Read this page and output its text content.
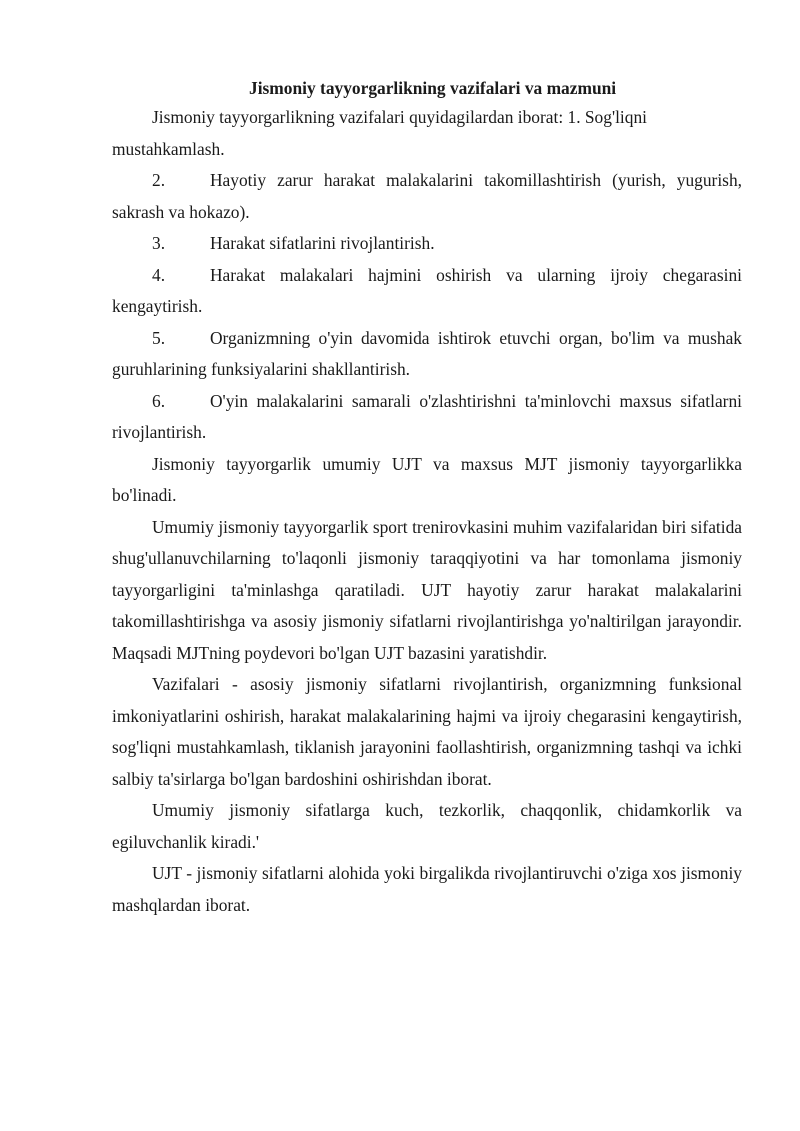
Jismoniy tayyorgarlikning vazifalari va mazmuni

Jismoniy tayyorgarlikning vazifalari quyidagilardan iborat: 1. Sog'liqni mustahkamlash.

2.	Hayotiy zarur harakat malakalarini takomillashtirish (yurish, yugurish, sakrash va hokazo).
3.	Harakat sifatlarini rivojlantirish.
4.	Harakat malakalari hajmini oshirish va ularning ijroiy chegarasini kengaytirish.
5.	Organizmning o'yin davomida ishtirok etuvchi organ, bo'lim va mushak guruhlarining funksiyalarini shakllantirish.
6.	O'yin malakalarini samarali o'zlashtirishni ta'minlovchi maxsus sifatlarni rivojlantirish.

Jismoniy tayyorgarlik umumiy UJT va maxsus MJT jismoniy tayyorgarlikka bo'linadi.

Umumiy jismoniy tayyorgarlik sport trenirovkasini muhim vazifalaridan biri sifatida shug'ullanuvchilarning to'laqonli jismoniy taraqqiyotini va har tomonlama jismoniy tayyorgarligini ta'minlashga qaratiladi. UJT hayotiy zarur harakat malakalarini takomillashtirishga va asosiy jismoniy sifatlarni rivojlantirishga yo'naltirilgan jarayondir. Maqsadi MJTning poydevori bo'lgan UJT bazasini yaratishdir.

Vazifalari - asosiy jismoniy sifatlarni rivojlantirish, organizmning funksional imkoniyatlarini oshirish, harakat malakalarining hajmi va ijroiy chegarasini kengaytirish, sog'liqni mustahkamlash, tiklanish jarayonini faollashtirish, organizmning tashqi va ichki salbiy ta'sirlarga bo'lgan bardoshini oshirishdan iborat.

Umumiy jismoniy sifatlarga kuch, tezkorlik, chaqqonlik, chidamkorlik va egiluvchanlik kiradi.'

UJT - jismoniy sifatlarni alohida yoki birgalikda rivojlantiruvchi o'ziga xos jismoniy mashqlardan iborat.
